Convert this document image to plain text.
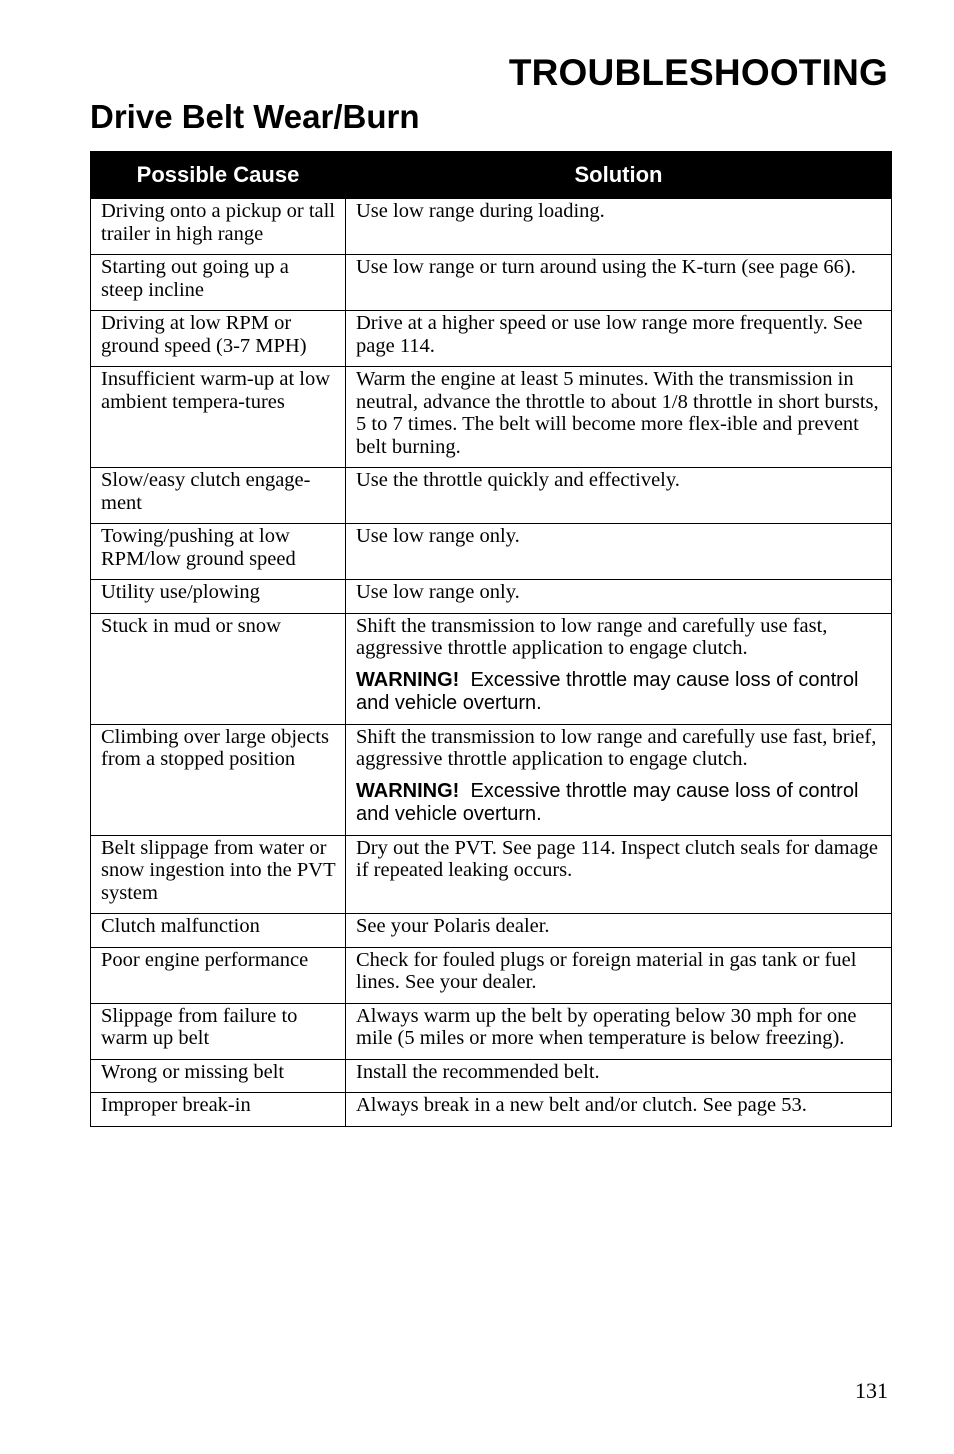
TROUBLESHOOTING
Drive Belt Wear/Burn
Possible Cause	Solution
Driving onto a pickup or tall trailer in high range	Use low range during loading.
Starting out going up a steep incline	Use low range or turn around using the K-turn (see page 66).
Driving at low RPM or ground speed (3-7 MPH)	Drive at a higher speed or use low range more frequently. See page 114.
Insufficient warm-up at low ambient tempera-tures	Warm the engine at least 5 minutes. With the transmission in neutral, advance the throttle to about 1/8 throttle in short bursts, 5 to 7 times. The belt will become more flex-ible and prevent belt burning.
Slow/easy clutch engage-ment	Use the throttle quickly and effectively.
Towing/pushing at low RPM/low ground speed	Use low range only.
Utility use/plowing	Use low range only.
Stuck in mud or snow	Shift the transmission to low range and carefully use fast, aggressive throttle application to engage clutch.
WARNING! Excessive throttle may cause loss of control and vehicle overturn.

Climbing over large objects from a stopped position	Shift the transmission to low range and carefully use fast, brief, aggressive throttle application to engage clutch.
WARNING! Excessive throttle may cause loss of control and vehicle overturn.

Belt slippage from water or snow ingestion into the PVT system	Dry out the PVT. See page 114. Inspect clutch seals for damage if repeated leaking occurs.
Clutch malfunction	See your Polaris dealer.
Poor engine performance	Check for fouled plugs or foreign material in gas tank or fuel lines. See your dealer.
Slippage from failure to warm up belt	Always warm up the belt by operating below 30 mph for one mile (5 miles or more when temperature is below freezing).
Wrong or missing belt	Install the recommended belt.
Improper break-in	Always break in a new belt and/or clutch. See page 53.
131
